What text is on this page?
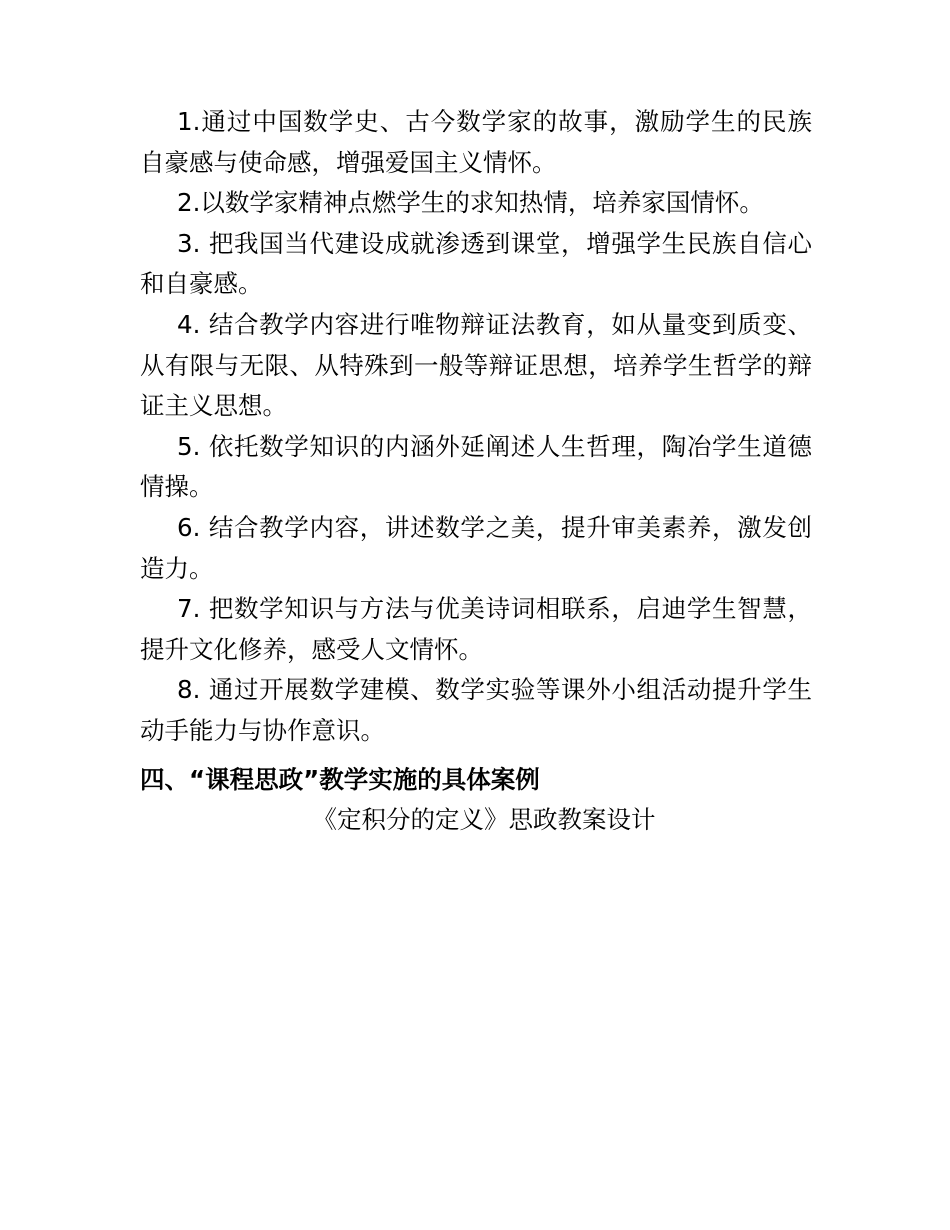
1.通过中国数学史、古今数学家的故事，激励学生的民族自豪感与使命感，增强爱国主义情怀。

2.以数学家精神点燃学生的求知热情，培养家国情怀。

3. 把我国当代建设成就渗透到课堂，增强学生民族自信心和自豪感。

4. 结合教学内容进行唯物辩证法教育，如从量变到质变、从有限与无限、从特殊到一般等辩证思想，培养学生哲学的辩证主义思想。

5. 依托数学知识的内涵外延阐述人生哲理，陶冶学生道德情操。

6. 结合教学内容，讲述数学之美，提升审美素养，激发创造力。

7. 把数学知识与方法与优美诗词相联系，启迪学生智慧，提升文化修养，感受人文情怀。

8. 通过开展数学建模、数学实验等课外小组活动提升学生动手能力与协作意识。

四、“课程思政”教学实施的具体案例

《定积分的定义》思政教案设计
